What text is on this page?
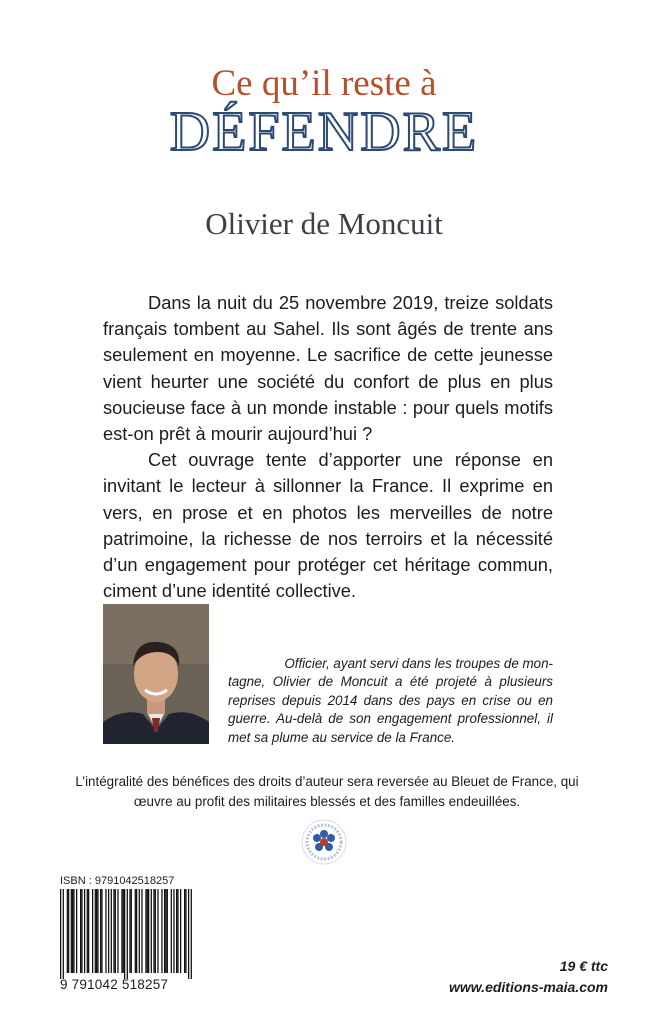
Ce qu’il reste à
DÉFENDRE
Olivier de Moncuit

Dans la nuit du 25 novembre 2019, treize soldats français tombent au Sahel. Ils sont âgés de trente ans seulement en moyenne. Le sacrifice de cette jeunesse vient heurter une société du confort de plus en plus soucieuse face à un monde instable : pour quels motifs est-on prêt à mourir aujourd’hui ?

Cet ouvrage tente d’apporter une réponse en invitant le lecteur à sillonner la France. Il exprime en vers, en prose et en photos les merveilles de notre patrimoine, la richesse de nos terroirs et la nécessité d’un engagement pour protéger cet héritage commun, ciment d’une identité collective.

Officier, ayant servi dans les troupes de mon-
tagne, Olivier de Moncuit a été projeté à plusieurs reprises depuis 2014 dans des pays en crise ou en guerre. Au-delà de son engagement professionnel, il met sa plume au service de la France.
L’intégralité des bénéfices des droits d’auteur sera reversée au Bleuet de France, qui œuvre au profit des militaires blessés et des familles endeuillées.
ISBN : 9791042518257
9 791042 518257
19 € ttc
www.editions-maia.com
